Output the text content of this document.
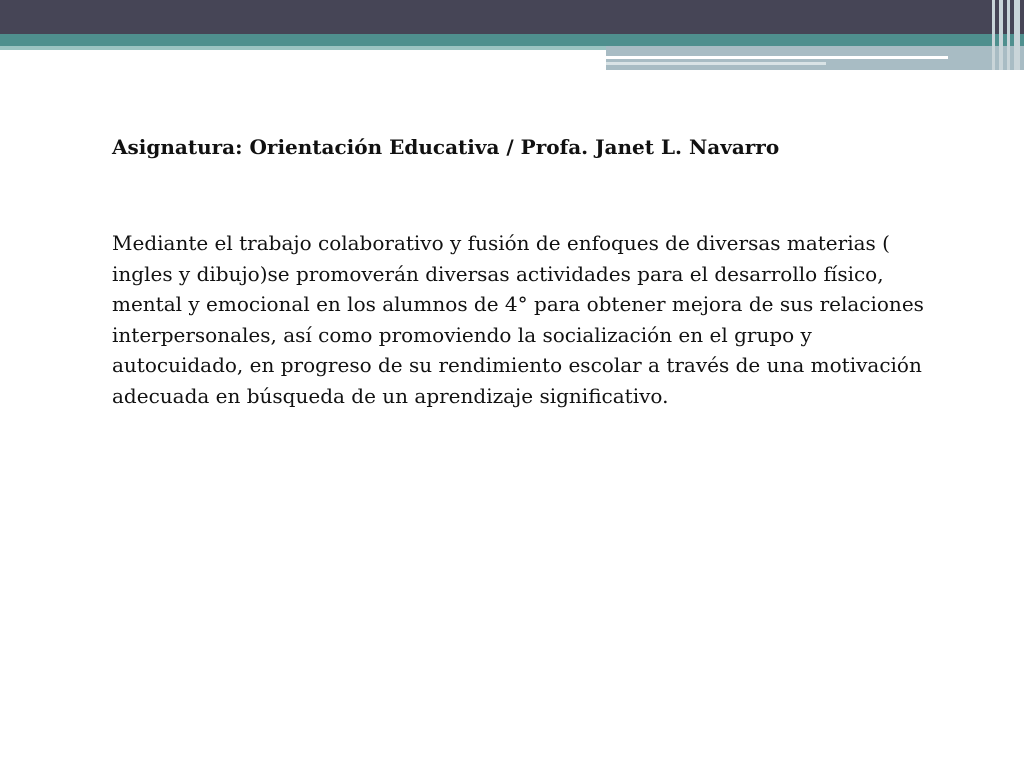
Asignatura: Orientación Educativa / Profa. Janet L. Navarro

Mediante el trabajo colaborativo y fusión de enfoques de diversas materias ( ingles y dibujo)se promoverán diversas actividades para el desarrollo físico, mental y emocional en los alumnos de 4° para obtener mejora de sus relaciones interpersonales, así como promoviendo la socialización en el grupo y autocuidado, en progreso de su rendimiento escolar a través de una motivación adecuada en búsqueda de un aprendizaje significativo.
